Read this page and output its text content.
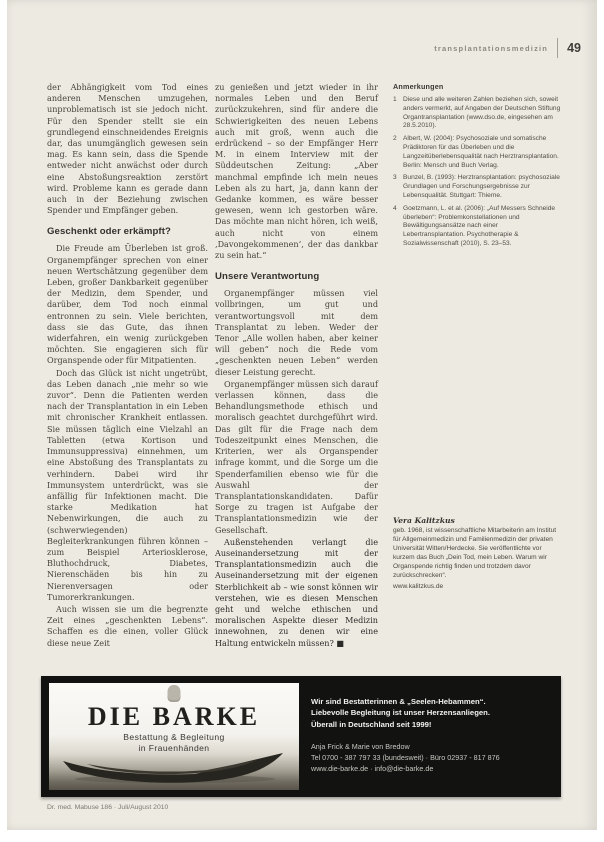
transplantationsmedizin 49

der Abhängigkeit vom Tod eines anderen Menschen umzugehen, unproblematisch ist sie jedoch nicht. Für den Spender stellt sie ein grundlegend einschneidendes Ereignis dar, das unumgänglich gewesen sein mag. Es kann sein, dass die Spende entweder nicht anwächst oder durch eine Abstoßungsreaktion zerstört wird. Probleme kann es gerade dann auch in der Beziehung zwischen Spender und Empfänger geben.

Geschenkt oder erkämpft?

Die Freude am Überleben ist groß. Organempfänger sprechen von einer neuen Wertschätzung gegenüber dem Leben, großer Dankbarkeit gegenüber der Medizin, dem Spender, und darüber, dem Tod noch einmal entronnen zu sein. Viele berichten, dass sie das Gute, das ihnen widerfahren, ein wenig zurückgeben möchten. Sie engagieren sich für Organspende oder für Mitpatienten.

Doch das Glück ist nicht ungetrübt, das Leben danach „nie mehr so wie zuvor“. Denn die Patienten werden nach der Transplantation in ein Leben mit chronischer Krankheit entlassen. Sie müssen täglich eine Vielzahl an Tabletten (etwa Kortison und Immunsuppressiva) einnehmen, um eine Abstoßung des Transplantats zu verhindern. Dabei wird ihr Immunsystem unterdrückt, was sie anfällig für Infektionen macht. Die starke Medikation hat Nebenwirkungen, die auch zu (schwerwiegenden) Begleiterkrankungen führen können – zum Beispiel Arteriosklerose, Bluthochdruck, Diabetes, Nierenschäden bis hin zu Nierenversagen oder Tumorerkrankungen.

Auch wissen sie um die begrenzte Zeit eines „geschenkten Lebens“. Schaffen es die einen, voller Glück diese neue Zeit

zu genießen und jetzt wieder in ihr normales Leben und den Beruf zurückzukehren, sind für andere die Schwierigkeiten des neuen Lebens auch mit groß, wenn auch die erdrückend – so der Empfänger Herr M. in einem Interview mit der Süddeutschen Zeitung: „Aber manchmal empfinde ich mein neues Leben als zu hart, ja, dann kann der Gedanke kommen, es wäre besser gewesen, wenn ich gestorben wäre. Das möchte man nicht hören, ich weiß, auch nicht von einem ‚Davongekommenen‘, der das dankbar zu sein hat.“

Unsere Verantwortung

Organempfänger müssen viel vollbringen, um gut und verantwortungsvoll mit dem Transplantat zu leben. Weder der Tenor „Alle wollen haben, aber keiner will geben“ noch die Rede vom „geschenkten neuen Leben“ werden dieser Leistung gerecht.

Organempfänger müssen sich darauf verlassen können, dass die Behandlungsmethode ethisch und moralisch geachtet durchgeführt wird. Das gilt für die Frage nach dem Todeszeitpunkt eines Menschen, die Kriterien, wer als Organspender infrage kommt, und die Sorge um die Spenderfamilien ebenso wie für die Auswahl der Transplantationskandidaten. Dafür Sorge zu tragen ist Aufgabe der Transplantationsmedizin wie der Gesellschaft.

Außenstehenden verlangt die Auseinandersetzung mit der Transplantationsmedizin auch die Auseinandersetzung mit der eigenen Sterblichkeit ab – wie sonst können wir verstehen, wie es diesen Menschen geht und welche ethischen und moralischen Aspekte dieser Medizin innewohnen, zu denen wir eine Haltung entwickeln müssen? ■

Anmerkungen
1 Diese und alle weiteren Zahlen beziehen sich, soweit anders vermerkt, auf Angaben der Deutschen Stiftung Organtransplantation (www.dso.de, eingesehen am 28.5.2010).
2 Albert, W. (2004): Psychosoziale und somatische Prädiktoren für das Überleben und die Langzeitüberlebensqualität nach Herztransplantation. Berlin: Mensch und Buch Verlag.
3 Bunzel, B. (1993): Herztransplantation: psychosoziale Grundlagen und Forschungsergebnisse zur Lebensqualität. Stuttgart: Thieme.
4 Goetzmann, L. et al. (2006): „Auf Messers Schneide überleben“: Problemkonstellationen und Bewältigungsansätze nach einer Lebertransplantation. Psychotherapie & Sozialwissenschaft (2010), S. 23–53.
Vera Kalitzkus

geb. 1968, ist wissenschaftliche Mitarbeiterin am Institut für Allgemeinmedizin und Familienmedizin der privaten Universität Witten/Herdecke. Sie veröffentlichte vor kurzem das Buch „Dein Tod, mein Leben. Warum wir Organspende richtig finden und trotzdem davor zurückschrecken“.

www.kalitzkus.de
DIE BARKE
Bestattung & Begleitung
in Frauenhänden

Wir sind Bestatterinnen & „Seelen-Hebammen“.

Liebevolle Begleitung ist unser Herzensanliegen.

Überall in Deutschland seit 1999!

Anja Frick & Marie von Bredow

Tel 0700 - 387 797 33 (bundesweit) · Büro 02937 - 817 876

www.die-barke.de · info@die-barke.de

Dr. med. Mabuse 186 · Juli/August 2010
